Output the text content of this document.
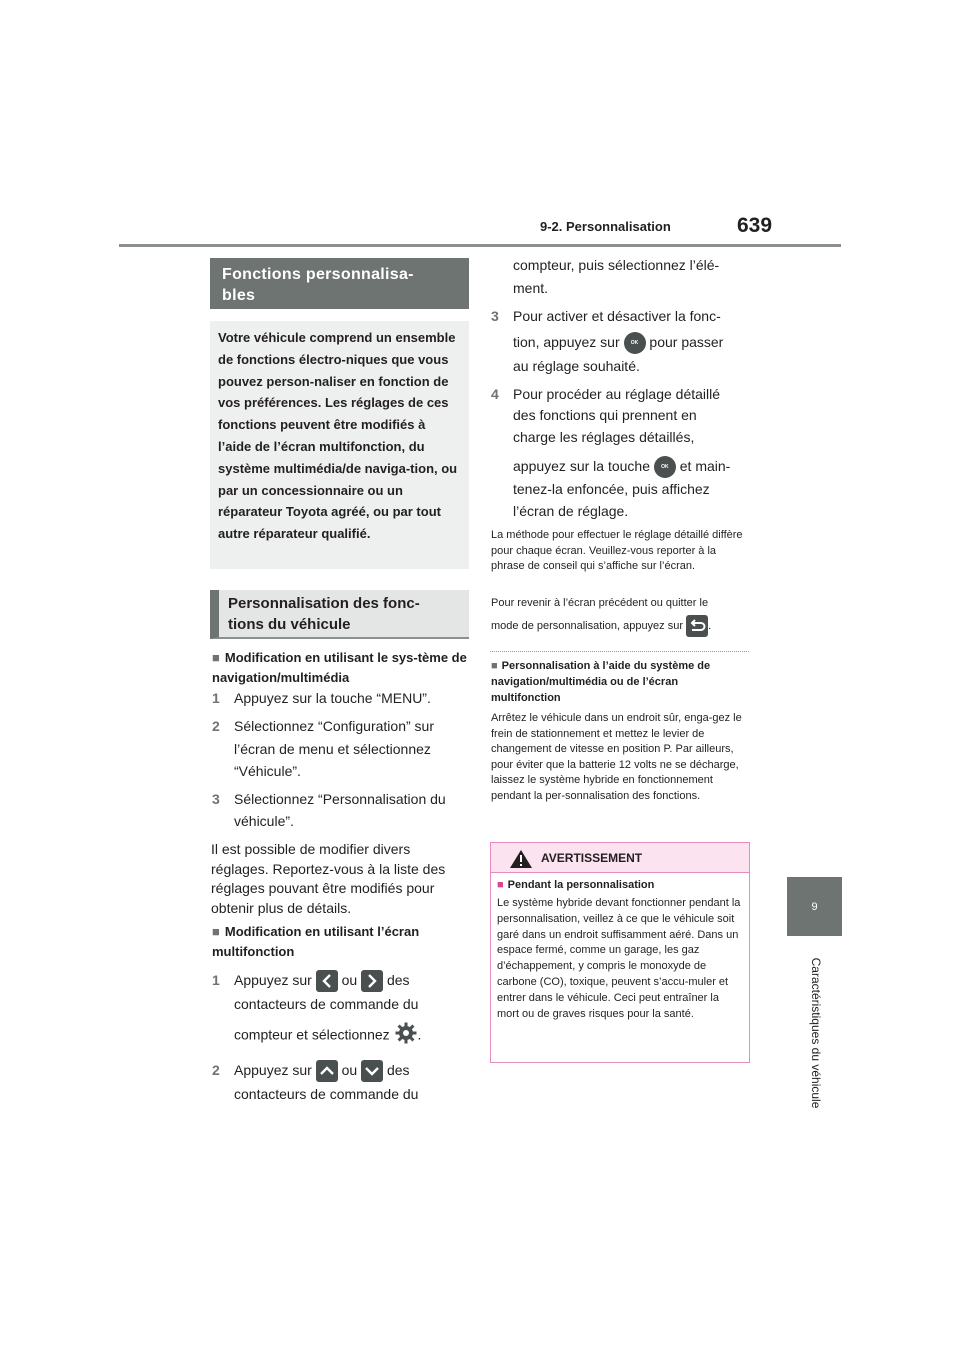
9-2. Personnalisation	639
9
Caractéristiques du véhicule
Fonctions personnalisa-
bles
Votre véhicule comprend un ensemble de fonctions électro-niques que vous pouvez person-naliser en fonction de vos préférences. Les réglages de ces fonctions peuvent être modifiés à l’aide de l’écran multifonction, du système multimédia/de naviga-tion, ou par un concessionnaire ou un réparateur Toyota agréé, ou par tout autre réparateur qualifié.
Personnalisation des fonc-
tions du véhicule
■ Modification en utilisant le sys-tème de navigation/multimédia
1 Appuyez sur la touche “MENU”.
2 Sélectionnez “Configuration” sur l’écran de menu et sélectionnez “Véhicule”.
3 Sélectionnez “Personnalisation du véhicule”.
Il est possible de modifier divers réglages. Reportez-vous à la liste des réglages pouvant être modifiés pour obtenir plus de détails.
■ Modification en utilisant l’écran multifonction
1 Appuyez sur ou des
contacteurs de commande du
compteur et sélectionnez .
2 Appuyez sur ou des
contacteurs de commande du
compteur, puis sélectionnez l’élé-ment.
3 Pour activer et désactiver la fonc-
tion, appuyez sur OK pour passer
au réglage souhaité.
4 Pour procéder au réglage détaillé
des fonctions qui prennent en
charge les réglages détaillés,
appuyez sur la touche OK et main-
tenez-la enfoncée, puis affichez
l’écran de réglage.
La méthode pour effectuer le réglage détaillé diffère pour chaque écran. Veuillez-vous reporter à la phrase de conseil qui s’affiche sur l’écran.
Pour revenir à l’écran précédent ou quitter le
mode de personnalisation, appuyez sur .
■ Personnalisation à l’aide du système de navigation/multimédia ou de l’écran multifonction
Arrêtez le véhicule dans un endroit sûr, enga-gez le frein de stationnement et mettez le levier de changement de vitesse en position P. Par ailleurs, pour éviter que la batterie 12 volts ne se décharge, laissez le système hybride en fonctionnement pendant la per-sonnalisation des fonctions.
AVERTISSEMENT
■ Pendant la personnalisation
Le système hybride devant fonctionner pendant la personnalisation, veillez à ce que le véhicule soit garé dans un endroit suffisamment aéré. Dans un espace fermé, comme un garage, les gaz d’échappement, y compris le monoxyde de carbone (CO), toxique, peuvent s’accu-muler et entrer dans le véhicule. Ceci peut entraîner la mort ou de graves risques pour la santé.
